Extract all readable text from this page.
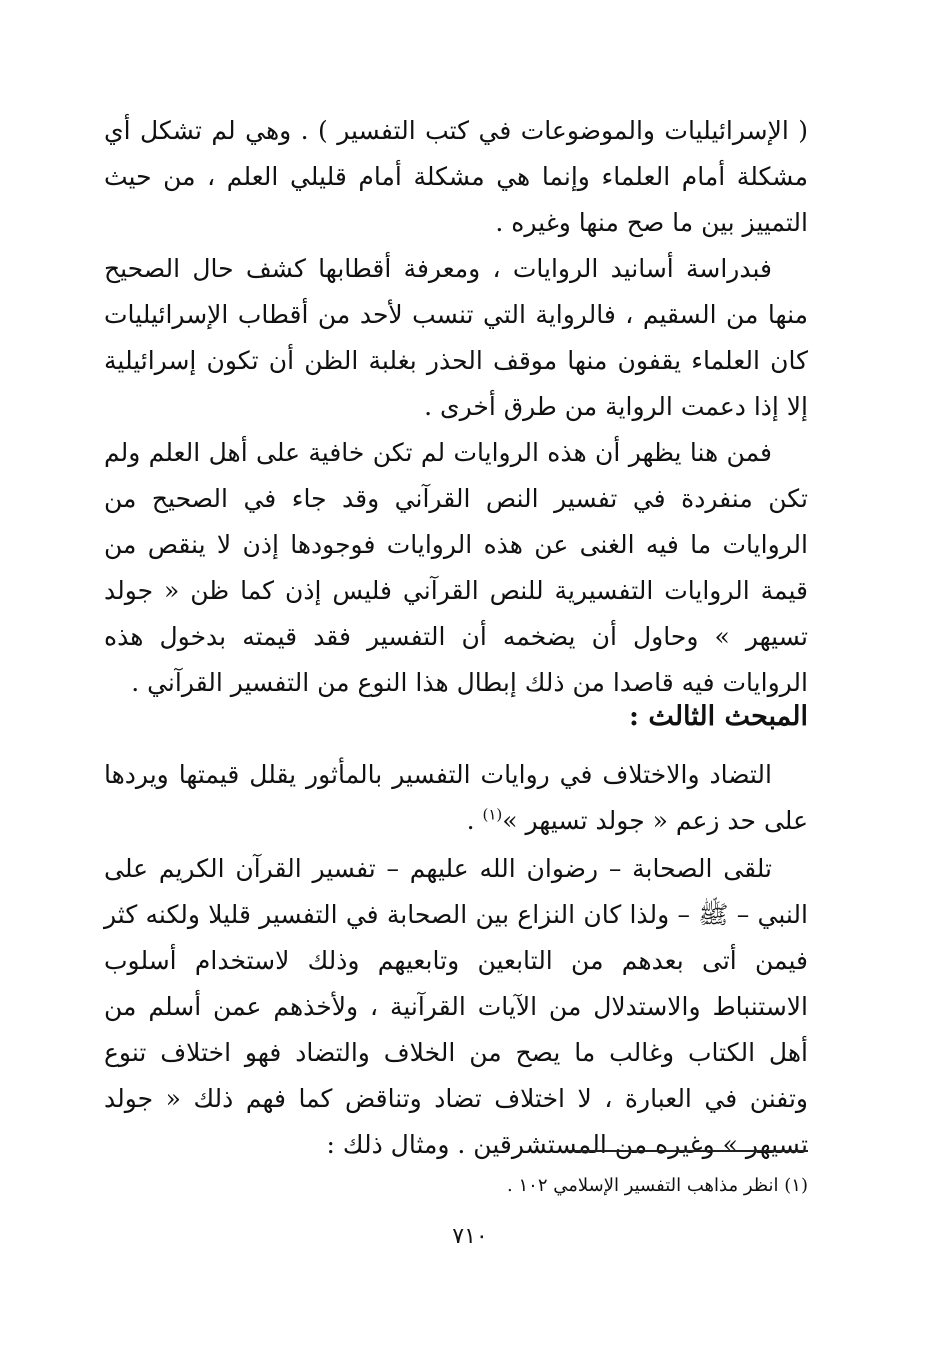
( الإسرائيليات والموضوعات في كتب التفسير ) . وهي لم تشكل أي مشكلة أمام العلماء وإنما هي مشكلة أمام قليلي العلم ، من حيث التمييز بين ما صح منها وغيره .

فبدراسة أسانيد الروايات ، ومعرفة أقطابها كشف حال الصحيح منها من السقيم ، فالرواية التي تنسب لأحد من أقطاب الإسرائيليات كان العلماء يقفون منها موقف الحذر بغلبة الظن أن تكون إسرائيلية إلا إذا دعمت الرواية من طرق أخرى .

فمن هنا يظهر أن هذه الروايات لم تكن خافية على أهل العلم ولم تكن منفردة في تفسير النص القرآني وقد جاء في الصحيح من الروايات ما فيه الغنى عن هذه الروايات فوجودها إذن لا ينقص من قيمة الروايات التفسيرية للنص القرآني فليس إذن كما ظن « جولد تسيهر » وحاول أن يضخمه أن التفسير فقد قيمته بدخول هذه الروايات فيه قاصدا من ذلك إبطال هذا النوع من التفسير القرآني .

المبحث الثالث :

التضاد والاختلاف في روايات التفسير بالمأثور يقلل قيمتها ويردها على حد زعم « جولد تسيهر »$^{(١)}$ .

تلقى الصحابة – رضوان الله عليهم – تفسير القرآن الكريم على النبي – ﷺ – ولذا كان النزاع بين الصحابة في التفسير قليلا ولكنه كثر فيمن أتى بعدهم من التابعين وتابعيهم وذلك لاستخدام أسلوب الاستنباط والاستدلال من الآيات القرآنية ، ولأخذهم عمن أسلم من أهل الكتاب وغالب ما يصح من الخلاف والتضاد فهو اختلاف تنوع وتفنن في العبارة ، لا اختلاف تضاد وتناقض كما فهم ذلك « جولد تسيهر » وغيره من المستشرقين . ومثال ذلك :

(١) انظر مذاهب التفسير الإسلامي ١٠٢ .
٧١٠
